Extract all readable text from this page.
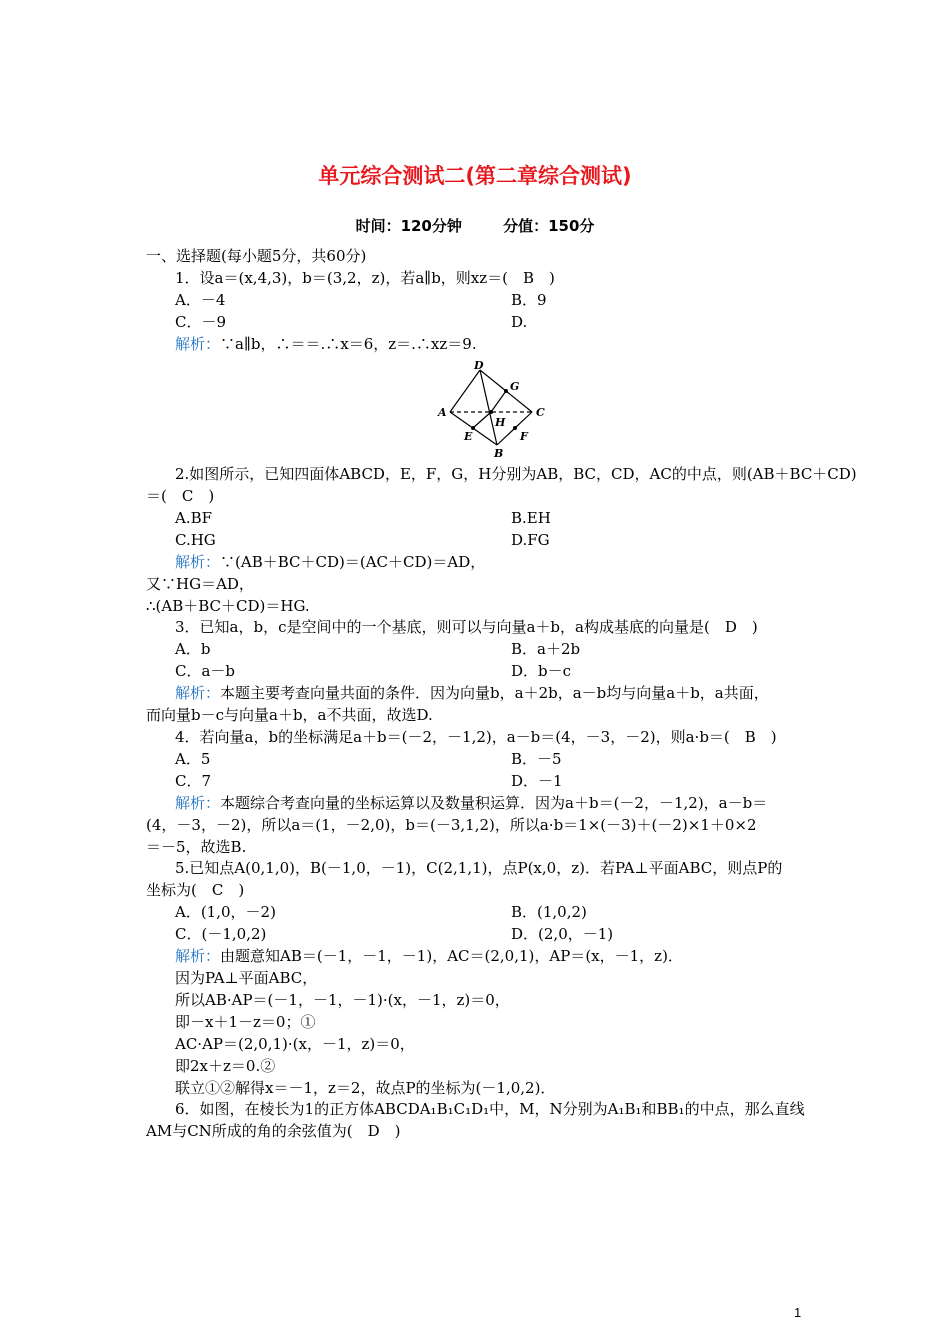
单元综合测试二(第二章综合测试)
时间：120分钟	分值：150分
一、选择题(每小题5分，共60分)
1．设a＝(x,4,3)，b＝(3,2，z)，若a∥b，则xz＝(　B　)
A．－4	B．9
C．－9	D.
解析：∵a∥b，∴＝＝.∴x＝6，z＝.∴xz＝9.
D
G
A	C
H
E	F
B
2.如图所示，已知四面体ABCD，E，F，G，H分别为AB，BC，CD，AC的中点，则(AB＋BC＋CD)
＝(　C　)
A.BF	B.EH
C.HG	D.FG
解析：∵(AB＋BC＋CD)＝(AC＋CD)＝AD，
又∵HG＝AD，
∴(AB＋BC＋CD)＝HG.
3．已知a，b，c是空间中的一个基底，则可以与向量a＋b，a构成基底的向量是(　D　)
A．b	B．a＋2b
C．a－b	D．b－c
解析：本题主要考查向量共面的条件．因为向量b，a＋2b，a－b均与向量a＋b，a共面，
而向量b－c与向量a＋b，a不共面，故选D.
4．若向量a，b的坐标满足a＋b＝(－2，－1,2)，a－b＝(4，－3，－2)，则a·b＝(　B　)
A．5	B．－5
C．7	D．－1
解析：本题综合考查向量的坐标运算以及数量积运算．因为a＋b＝(－2，－1,2)，a－b＝
(4，－3，－2)，所以a＝(1，－2,0)，b＝(－3,1,2)，所以a·b＝1×(－3)＋(－2)×1＋0×2
＝－5，故选B.
5.已知点A(0,1,0)，B(－1,0，－1)，C(2,1,1)，点P(x,0，z)．若PA⊥平面ABC，则点P的
坐标为(　C　)
A．(1,0，－2)	B．(1,0,2)
C．(－1,0,2)	D．(2,0，－1)
解析：由题意知AB＝(－1，－1，－1)，AC＝(2,0,1)，AP＝(x，－1，z)．
因为PA⊥平面ABC，
所以AB·AP＝(－1，－1，－1)·(x，－1，z)＝0，
即－x＋1－z＝0；①
AC·AP＝(2,0,1)·(x，－1，z)＝0，
即2x＋z＝0.②
联立①②解得x＝－1，z＝2，故点P的坐标为(－1,0,2)．
6．如图，在棱长为1的正方体ABCDA₁B₁C₁D₁中，M，N分别为A₁B₁和BB₁的中点，那么直线
AM与CN所成的角的余弦值为(　D　)
1
